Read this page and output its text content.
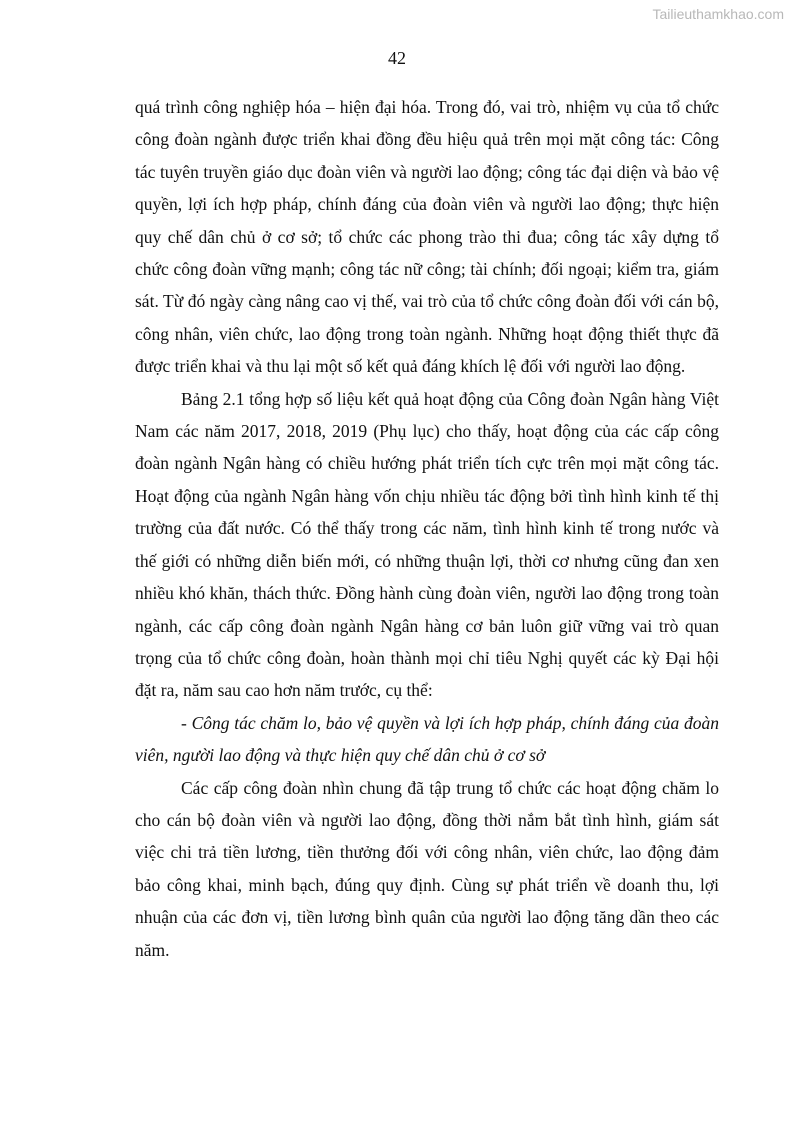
Tailieuthamkhao.com
42

quá trình công nghiệp hóa – hiện đại hóa. Trong đó, vai trò, nhiệm vụ của tổ chức công đoàn ngành được triển khai đồng đều hiệu quả trên mọi mặt công tác: Công tác tuyên truyền giáo dục đoàn viên và người lao động; công tác đại diện và bảo vệ quyền, lợi ích hợp pháp, chính đáng của đoàn viên và người lao động; thực hiện quy chế dân chủ ở cơ sở; tổ chức các phong trào thi đua; công tác xây dựng tổ chức công đoàn vững mạnh; công tác nữ công; tài chính; đối ngoại; kiểm tra, giám sát. Từ đó ngày càng nâng cao vị thế, vai trò của tổ chức công đoàn đối với cán bộ, công nhân, viên chức, lao động trong toàn ngành. Những hoạt động thiết thực đã được triển khai và thu lại một số kết quả đáng khích lệ đối với người lao động.

Bảng 2.1 tổng hợp số liệu kết quả hoạt động của Công đoàn Ngân hàng Việt Nam các năm 2017, 2018, 2019 (Phụ lục) cho thấy, hoạt động của các cấp công đoàn ngành Ngân hàng có chiều hướng phát triển tích cực trên mọi mặt công tác. Hoạt động của ngành Ngân hàng vốn chịu nhiều tác động bởi tình hình kinh tế thị trường của đất nước. Có thể thấy trong các năm, tình hình kinh tế trong nước và thế giới có những diễn biến mới, có những thuận lợi, thời cơ nhưng cũng đan xen nhiều khó khăn, thách thức. Đồng hành cùng đoàn viên, người lao động trong toàn ngành, các cấp công đoàn ngành Ngân hàng cơ bản luôn giữ vững vai trò quan trọng của tổ chức công đoàn, hoàn thành mọi chỉ tiêu Nghị quyết các kỳ Đại hội đặt ra, năm sau cao hơn năm trước, cụ thể:

- Công tác chăm lo, bảo vệ quyền và lợi ích hợp pháp, chính đáng của đoàn viên, người lao động và thực hiện quy chế dân chủ ở cơ sở

Các cấp công đoàn nhìn chung đã tập trung tổ chức các hoạt động chăm lo cho cán bộ đoàn viên và người lao động, đồng thời nắm bắt tình hình, giám sát việc chi trả tiền lương, tiền thưởng đối với công nhân, viên chức, lao động đảm bảo công khai, minh bạch, đúng quy định. Cùng sự phát triển về doanh thu, lợi nhuận của các đơn vị, tiền lương bình quân của người lao động tăng dần theo các năm.
